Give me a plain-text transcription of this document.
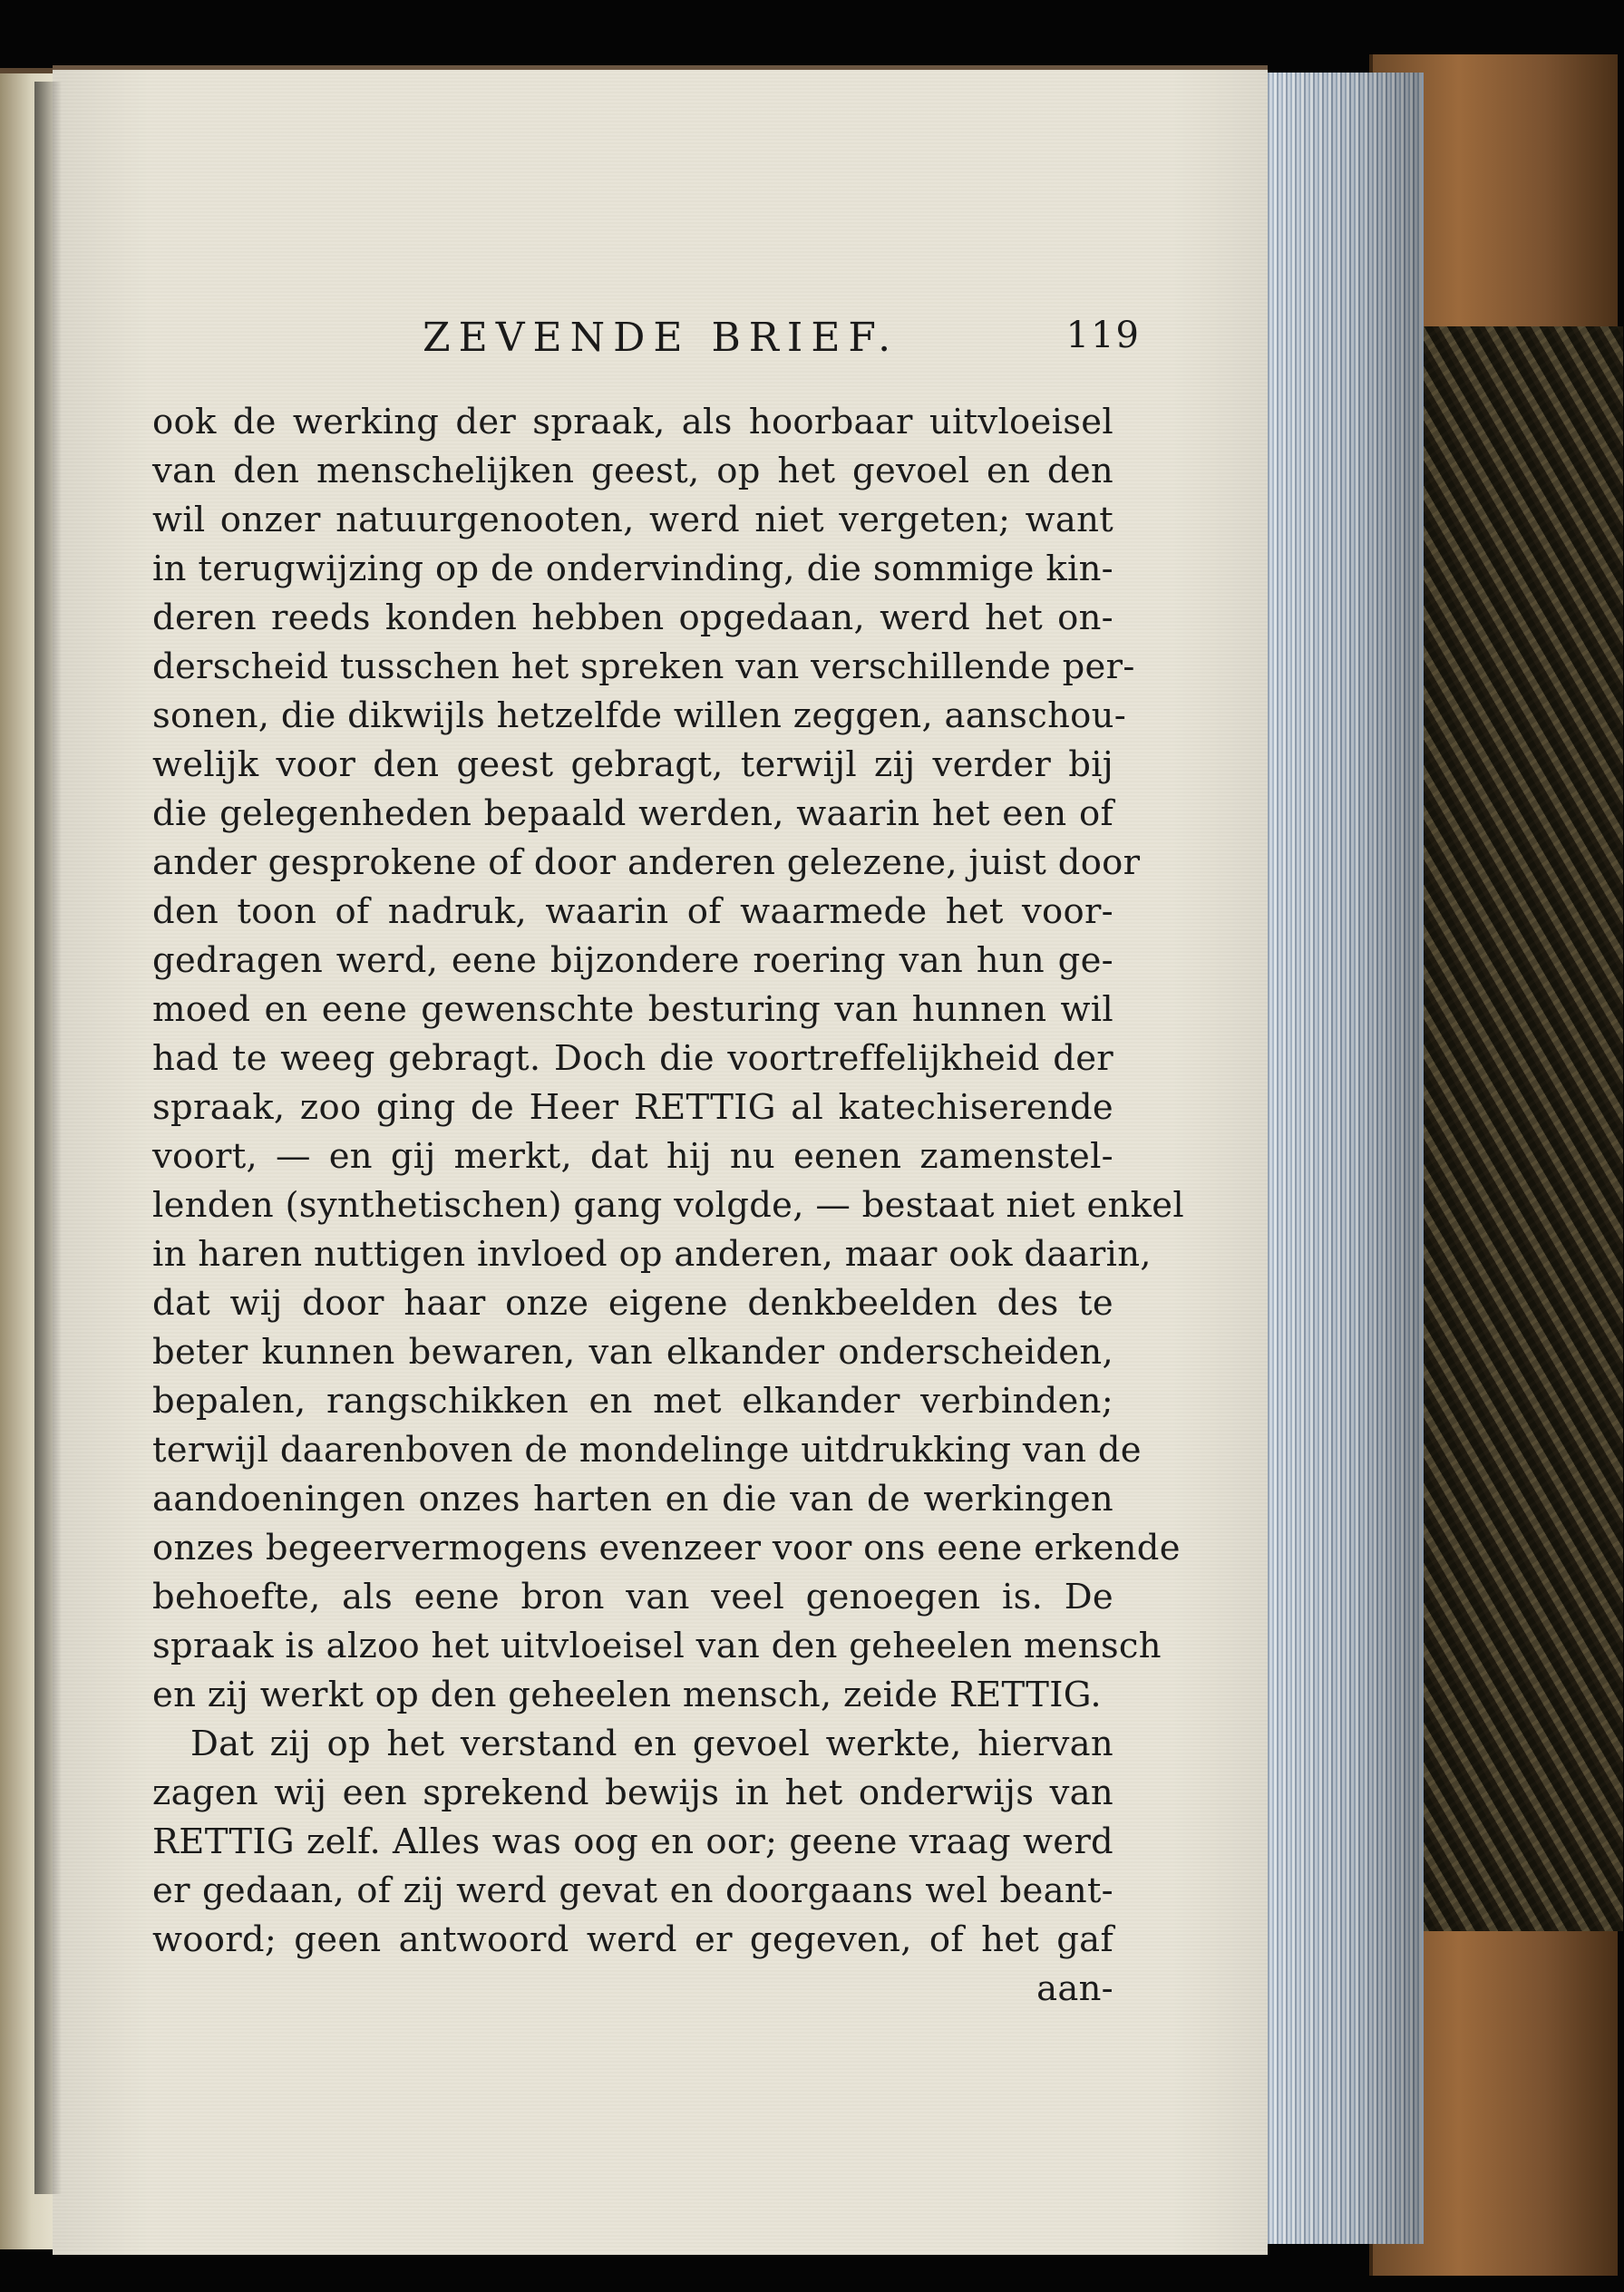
ZEVENDE BRIEF.	119
ook de werking der spraak, als hoorbaar uitvloeisel
van den menschelijken geest, op het gevoel en den
wil onzer natuurgenooten, werd niet vergeten; want
in terugwijzing op de ondervinding, die sommige kin-
deren reeds konden hebben opgedaan, werd het on-
derscheid tusschen het spreken van verschillende per-
sonen, die dikwijls hetzelfde willen zeggen, aanschou-
welijk voor den geest gebragt, terwijl zij verder bij
die gelegenheden bepaald werden, waarin het een of
ander gesprokene of door anderen gelezene, juist door
den toon of nadruk, waarin of waarmede het voor-
gedragen werd, eene bijzondere roering van hun ge-
moed en eene gewenschte besturing van hunnen wil
had te weeg gebragt. Doch die voortreffelijkheid der
spraak, zoo ging de Heer RETTIG al katechiserende
voort, — en gij merkt, dat hij nu eenen zamenstel-
lenden (synthetischen) gang volgde, — bestaat niet enkel
in haren nuttigen invloed op anderen, maar ook daarin,
dat wij door haar onze eigene denkbeelden des te
beter kunnen bewaren, van elkander onderscheiden,
bepalen, rangschikken en met elkander verbinden;
terwijl daarenboven de mondelinge uitdrukking van de
aandoeningen onzes harten en die van de werkingen
onzes begeervermogens evenzeer voor ons eene erkende
behoefte, als eene bron van veel genoegen is. De
spraak is alzoo het uitvloeisel van den geheelen mensch
en zij werkt op den geheelen mensch, zeide RETTIG.
Dat zij op het verstand en gevoel werkte, hiervan
zagen wij een sprekend bewijs in het onderwijs van
RETTIG zelf. Alles was oog en oor; geene vraag werd
er gedaan, of zij werd gevat en doorgaans wel beant-
woord; geen antwoord werd er gegeven, of het gaf
aan-
